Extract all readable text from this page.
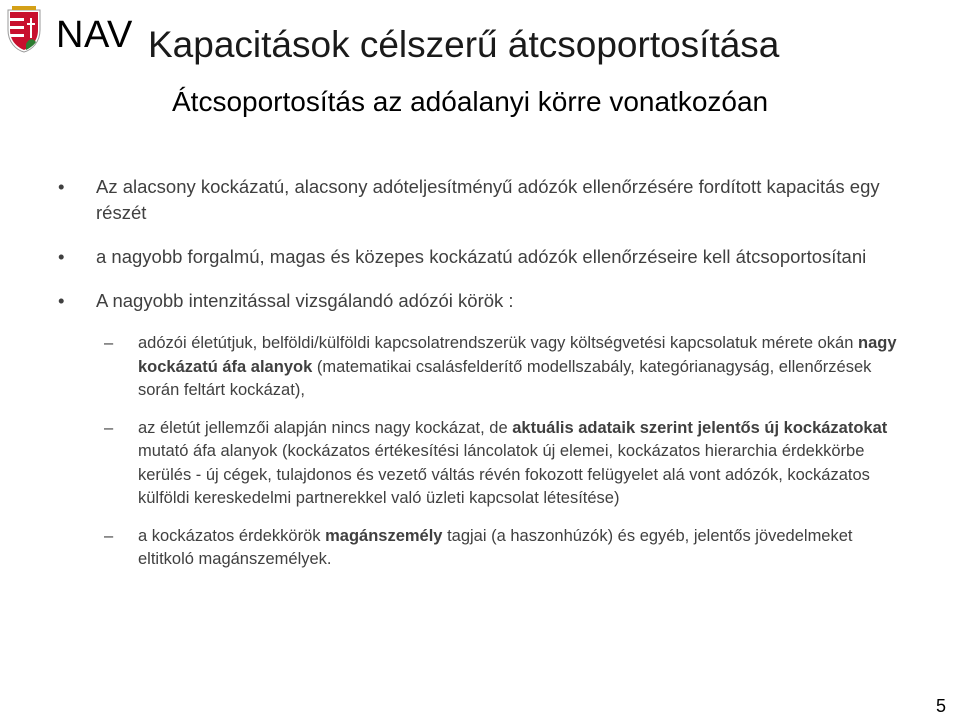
NAV Kapacitások célszerű átcsoportosítása
Átcsoportosítás az adóalanyi körre vonatkozóan
• Az alacsony kockázatú, alacsony adóteljesítményű adózók ellenőrzésére fordított kapacitás egy részét
• a nagyobb forgalmú, magas és közepes kockázatú adózók ellenőrzéseire kell átcsoportosítani
• A nagyobb intenzitással vizsgálandó adózói körök :
– adózói életútjuk, belföldi/külföldi kapcsolatrendszerük vagy költségvetési kapcsolatuk mérete okán nagy kockázatú áfa alanyok (matematikai csalásfelderítő modellszabály, kategórianagyság, ellenőrzések során feltárt kockázat),
– az életút jellemzői alapján nincs nagy kockázat, de aktuális adataik szerint jelentős új kockázatokat mutató áfa alanyok (kockázatos értékesítési láncolatok új elemei, kockázatos hierarchia érdekkörbe kerülés - új cégek, tulajdonos és vezető váltás révén fokozott felügyelet alá vont adózók, kockázatos külföldi kereskedelmi partnerekkel való üzleti kapcsolat létesítése)
– a kockázatos érdekkörök magánszemély tagjai (a haszonhúzók) és egyéb, jelentős jövedelmeket eltitkoló magánszemélyek.
5
